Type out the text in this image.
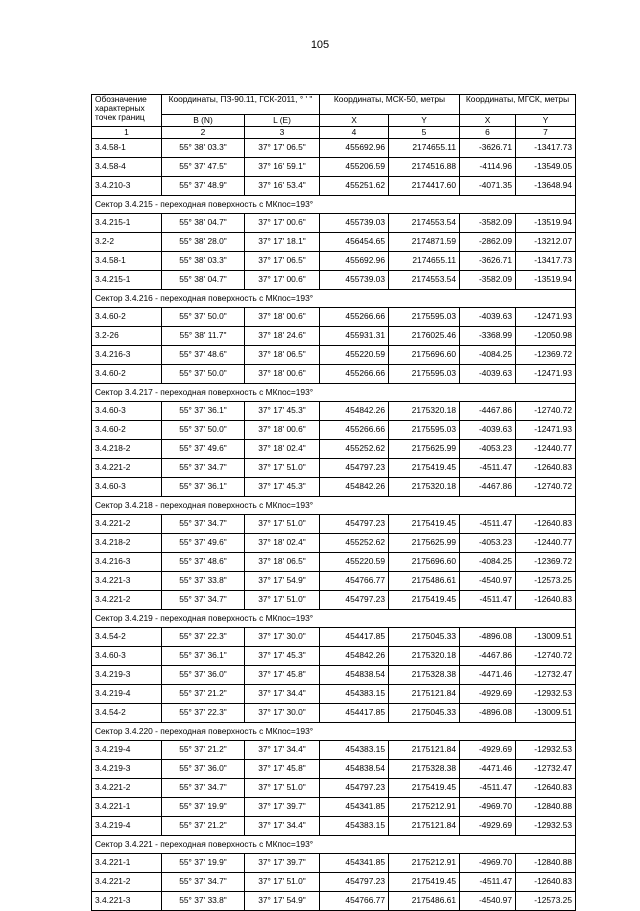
105
Обозначение характерных точек границ	Координаты, ПЗ-90.11, ГСК-2011, ° ' "		Координаты, МСК-50, метры		Координаты, МГСК, метры	
	B (N)	L (E)	X	Y	X	Y
1	2	3	4	5	6	7
3.4.58-1	55° 38' 03.3"	37° 17' 06.5"	455692.96	2174655.11	-3626.71	-13417.73
3.4.58-4	55° 37' 47.5"	37° 16' 59.1"	455206.59	2174516.88	-4114.96	-13549.05
3.4.210-3	55° 37' 48.9"	37° 16' 53.4"	455251.62	2174417.60	-4071.35	-13648.94
Сектор 3.4.215 - переходная поверхность с МКпос=193°						
3.4.215-1	55° 38' 04.7"	37° 17' 00.6"	455739.03	2174553.54	-3582.09	-13519.94
3.2-2	55° 38' 28.0"	37° 17' 18.1"	456454.65	2174871.59	-2862.09	-13212.07
3.4.58-1	55° 38' 03.3"	37° 17' 06.5"	455692.96	2174655.11	-3626.71	-13417.73
3.4.215-1	55° 38' 04.7"	37° 17' 00.6"	455739.03	2174553.54	-3582.09	-13519.94
Сектор 3.4.216 - переходная поверхность с МКпос=193°						
3.4.60-2	55° 37' 50.0"	37° 18' 00.6"	455266.66	2175595.03	-4039.63	-12471.93
3.2-26	55° 38' 11.7"	37° 18' 24.6"	455931.31	2176025.46	-3368.99	-12050.98
3.4.216-3	55° 37' 48.6"	37° 18' 06.5"	455220.59	2175696.60	-4084.25	-12369.72
3.4.60-2	55° 37' 50.0"	37° 18' 00.6"	455266.66	2175595.03	-4039.63	-12471.93
Сектор 3.4.217 - переходная поверхность с МКпос=193°						
3.4.60-3	55° 37' 36.1"	37° 17' 45.3"	454842.26	2175320.18	-4467.86	-12740.72
3.4.60-2	55° 37' 50.0"	37° 18' 00.6"	455266.66	2175595.03	-4039.63	-12471.93
3.4.218-2	55° 37' 49.6"	37° 18' 02.4"	455252.62	2175625.99	-4053.23	-12440.77
3.4.221-2	55° 37' 34.7"	37° 17' 51.0"	454797.23	2175419.45	-4511.47	-12640.83
3.4.60-3	55° 37' 36.1"	37° 17' 45.3"	454842.26	2175320.18	-4467.86	-12740.72
Сектор 3.4.218 - переходная поверхность с МКпос=193°						
3.4.221-2	55° 37' 34.7"	37° 17' 51.0"	454797.23	2175419.45	-4511.47	-12640.83
3.4.218-2	55° 37' 49.6"	37° 18' 02.4"	455252.62	2175625.99	-4053.23	-12440.77
3.4.216-3	55° 37' 48.6"	37° 18' 06.5"	455220.59	2175696.60	-4084.25	-12369.72
3.4.221-3	55° 37' 33.8"	37° 17' 54.9"	454766.77	2175486.61	-4540.97	-12573.25
3.4.221-2	55° 37' 34.7"	37° 17' 51.0"	454797.23	2175419.45	-4511.47	-12640.83
Сектор 3.4.219 - переходная поверхность с МКпос=193°						
3.4.54-2	55° 37' 22.3"	37° 17' 30.0"	454417.85	2175045.33	-4896.08	-13009.51
3.4.60-3	55° 37' 36.1"	37° 17' 45.3"	454842.26	2175320.18	-4467.86	-12740.72
3.4.219-3	55° 37' 36.0"	37° 17' 45.8"	454838.54	2175328.38	-4471.46	-12732.47
3.4.219-4	55° 37' 21.2"	37° 17' 34.4"	454383.15	2175121.84	-4929.69	-12932.53
3.4.54-2	55° 37' 22.3"	37° 17' 30.0"	454417.85	2175045.33	-4896.08	-13009.51
Сектор 3.4.220 - переходная поверхность с МКпос=193°						
3.4.219-4	55° 37' 21.2"	37° 17' 34.4"	454383.15	2175121.84	-4929.69	-12932.53
3.4.219-3	55° 37' 36.0"	37° 17' 45.8"	454838.54	2175328.38	-4471.46	-12732.47
3.4.221-2	55° 37' 34.7"	37° 17' 51.0"	454797.23	2175419.45	-4511.47	-12640.83
3.4.221-1	55° 37' 19.9"	37° 17' 39.7"	454341.85	2175212.91	-4969.70	-12840.88
3.4.219-4	55° 37' 21.2"	37° 17' 34.4"	454383.15	2175121.84	-4929.69	-12932.53
Сектор 3.4.221 - переходная поверхность с МКпос=193°						
3.4.221-1	55° 37' 19.9"	37° 17' 39.7"	454341.85	2175212.91	-4969.70	-12840.88
3.4.221-2	55° 37' 34.7"	37° 17' 51.0"	454797.23	2175419.45	-4511.47	-12640.83
3.4.221-3	55° 37' 33.8"	37° 17' 54.9"	454766.77	2175486.61	-4540.97	-12573.25
